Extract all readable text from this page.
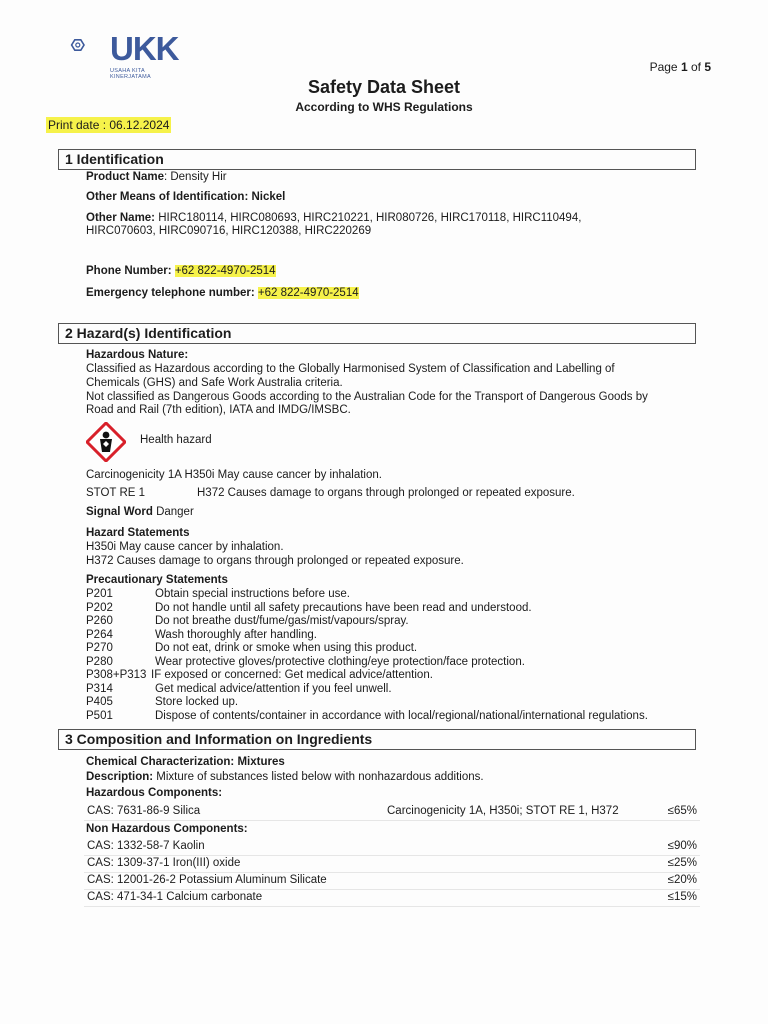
UKK
USAHA KITA
KINERJATAMA
Page 1 of 5
Safety Data Sheet
According to WHS Regulations
Print date : 06.12.2024
1 Identification
Product Name: Density Hir
Other Means of Identification: Nickel
Other Name: HIRC180114, HIRC080693, HIRC210221, HIR080726, HIRC170118, HIRC110494,
HIRC070603, HIRC090716, HIRC120388, HIRC220269
Phone Number: +62 822-4970-2514
Emergency telephone number: +62 822-4970-2514
2 Hazard(s) Identification
Hazardous Nature:
Classified as Hazardous according to the Globally Harmonised System of Classification and Labelling of
Chemicals (GHS) and Safe Work Australia criteria.
Not classified as Dangerous Goods according to the Australian Code for the Transport of Dangerous Goods by
Road and Rail (7th edition), IATA and IMDG/IMSBC.
Health hazard
Carcinogenicity 1A H350i May cause cancer by inhalation.
STOT RE 1	H372 Causes damage to organs through prolonged or repeated exposure.
Signal Word Danger
Hazard Statements
H350i May cause cancer by inhalation.
H372 Causes damage to organs through prolonged or repeated exposure.
Precautionary Statements
P201	Obtain special instructions before use.
P202	Do not handle until all safety precautions have been read and understood.
P260	Do not breathe dust/fume/gas/mist/vapours/spray.
P264	Wash thoroughly after handling.
P270	Do not eat, drink or smoke when using this product.
P280	Wear protective gloves/protective clothing/eye protection/face protection.
P308+P313 IF exposed or concerned: Get medical advice/attention.
P314	Get medical advice/attention if you feel unwell.
P405	Store locked up.
P501	Dispose of contents/container in accordance with local/regional/national/international regulations.
3 Composition and Information on Ingredients
Chemical Characterization: Mixtures
Description: Mixture of substances listed below with nonhazardous additions.
Hazardous Components:
CAS: 7631-86-9 Silica	Carcinogenicity 1A, H350i; STOT RE 1, H372	≤65%
Non Hazardous Components:
CAS: 1332-58-7 Kaolin	≤90%
CAS: 1309-37-1 Iron(III) oxide	≤25%
CAS: 12001-26-2 Potassium Aluminum Silicate	≤20%
CAS: 471-34-1 Calcium carbonate	≤15%
